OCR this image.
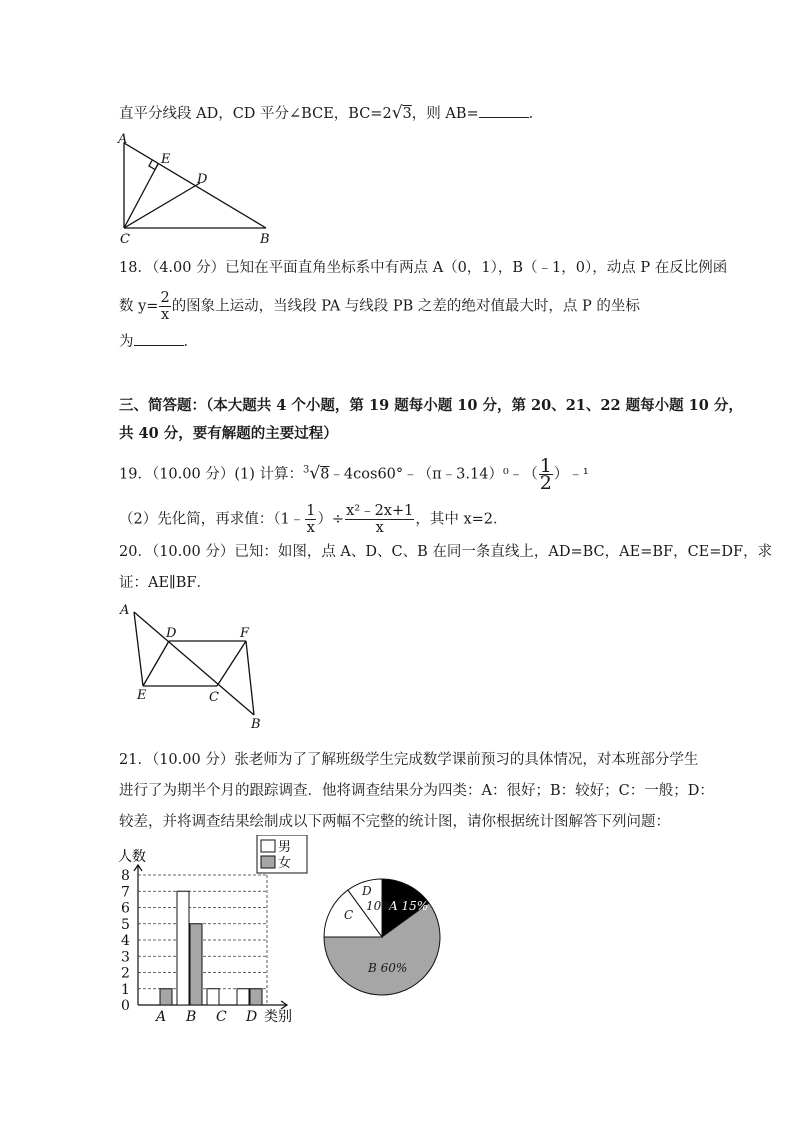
直平分线段 AD，CD 平分∠BCE，BC=2√3，则 AB=	．
A
E
D
C	B
18．（4.00 分）已知在平面直角坐标系中有两点 A（0，1），B（﹣1，0），动点 P 在反比例函
数 $y= \frac{2}{x}$ 的图象上运动，当线段 PA 与线段 PB 之差的绝对值最大时，点 P 的坐标
为	．
三、简答题：（本大题共 4 个小题，第 19 题每小题 10 分，第 20、21、22 题每小题 10 分，
共 40 分，要有解题的主要过程）
19．（10.00 分）(1) 计算：$^3$√8﹣4cos60°﹣（π﹣3.14）⁰﹣（ $\frac{1}{2}$ ）﹣¹
（2）先化简，再求值：（1﹣ $\frac{1}{x}$ ）÷ $\frac{\text{x²﹣2x+1}}{x}$ ，其中 x=2．
20．（10.00 分）已知：如图，点 A、D、C、B 在同一条直线上，AD=BC，AE=BF，CE=DF，求
证：AE∥BF．
A
D	F
E	C
B
21．（10.00 分）张老师为了了解班级学生完成数学课前预习的具体情况，对本班部分学生
进行了为期半个月的跟踪调查．他将调查结果分为四类：A：很好；B：较好；C：一般；D：
较差，并将调查结果绘制成以下两幅不完整的统计图，请你根据统计图解答下列问题：
0
1
2
3
4
5
6
7
8
A B C D
人数
类别
男
女
A 15%
B 60%
C
D
10%
